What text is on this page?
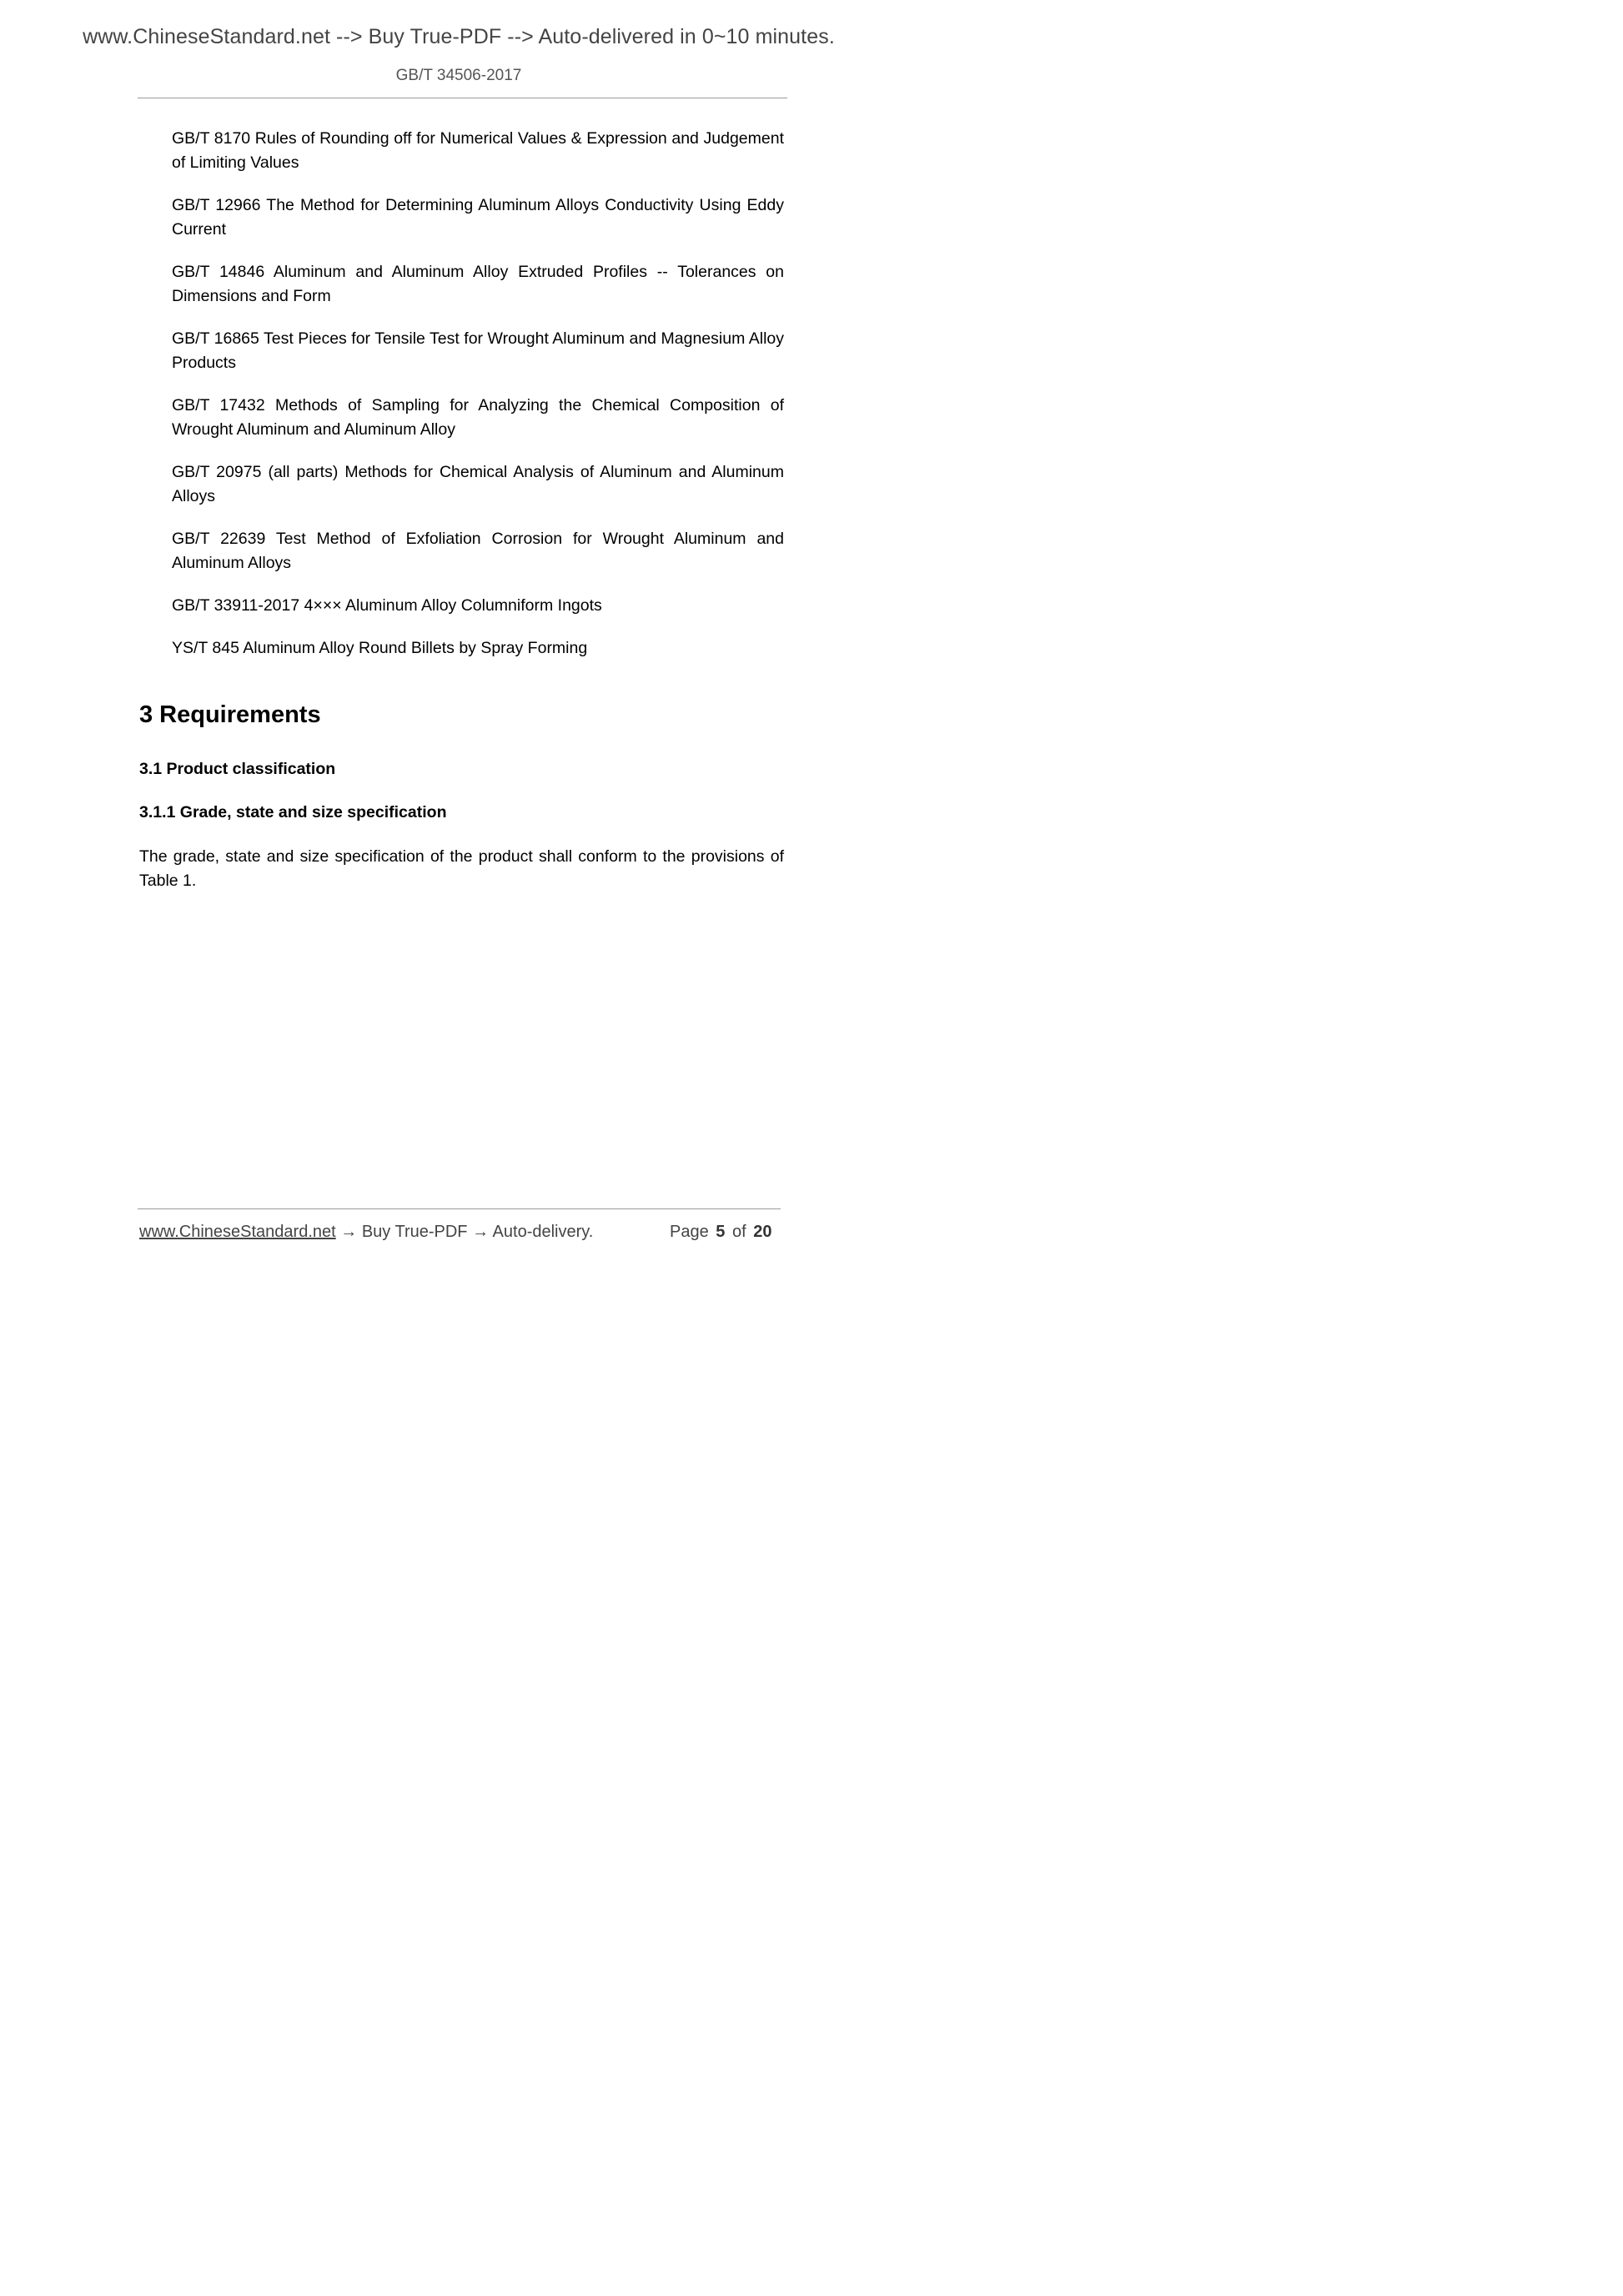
www.ChineseStandard.net --> Buy True-PDF --> Auto-delivered in 0~10 minutes.
GB/T 34506-2017

GB/T 8170 Rules of Rounding off for Numerical Values & Expression and Judgement of Limiting Values

GB/T 12966 The Method for Determining Aluminum Alloys Conductivity Using Eddy Current

GB/T 14846 Aluminum and Aluminum Alloy Extruded Profiles -- Tolerances on Dimensions and Form

GB/T 16865 Test Pieces for Tensile Test for Wrought Aluminum and Magnesium Alloy Products

GB/T 17432 Methods of Sampling for Analyzing the Chemical Composition of Wrought Aluminum and Aluminum Alloy

GB/T 20975 (all parts) Methods for Chemical Analysis of Aluminum and Aluminum Alloys

GB/T 22639 Test Method of Exfoliation Corrosion for Wrought Aluminum and Aluminum Alloys

GB/T 33911-2017 4××× Aluminum Alloy Columniform Ingots

YS/T 845 Aluminum Alloy Round Billets by Spray Forming

3 Requirements
3.1 Product classification
3.1.1 Grade, state and size specification

The grade, state and size specification of the product shall conform to the provisions of Table 1.

www.ChineseStandard.net → Buy True-PDF → Auto-delivery.	Page 5 of 20
